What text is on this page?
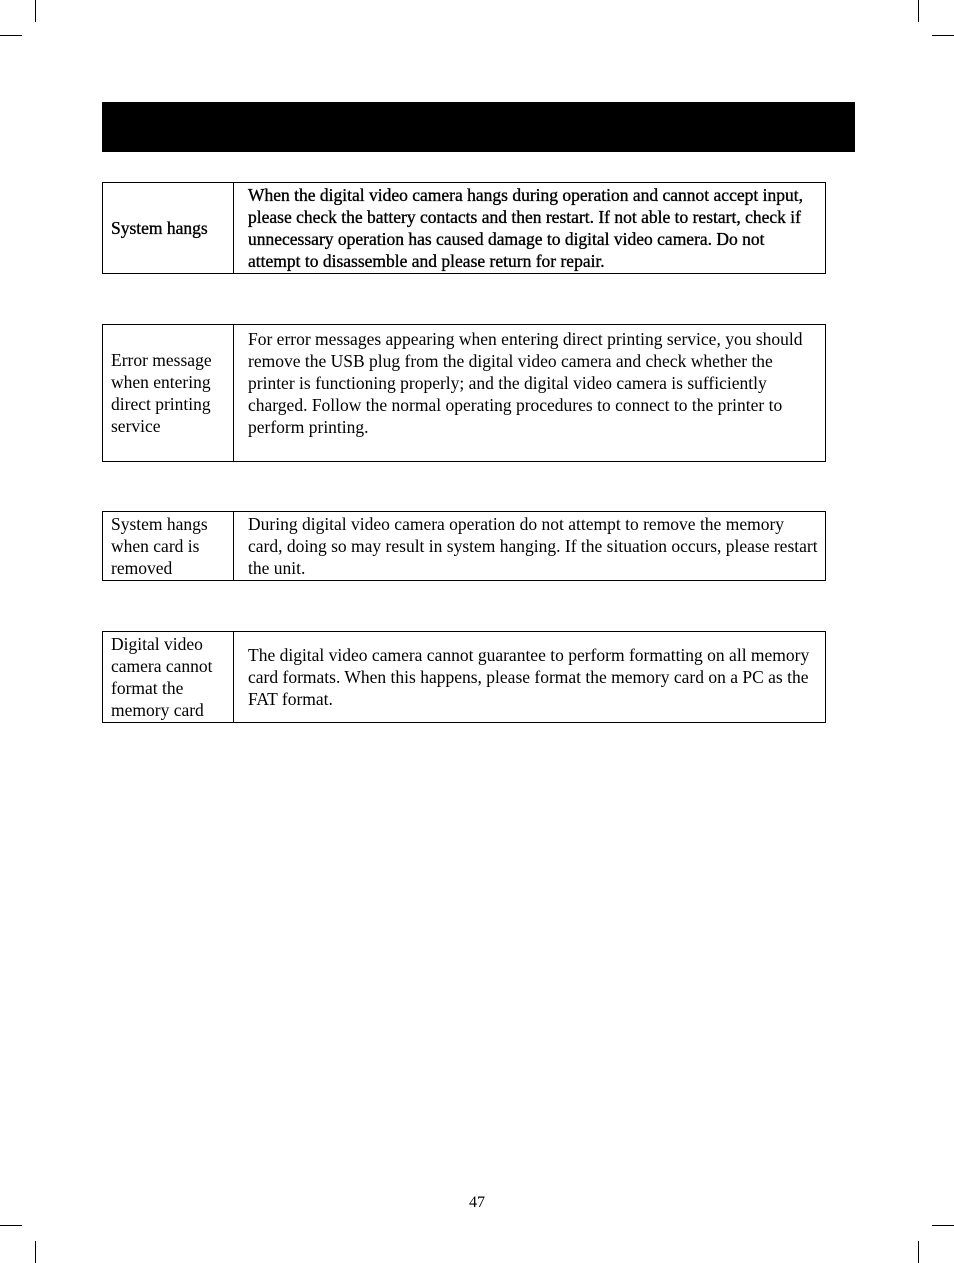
System hangs	When the digital video camera hangs during operation and cannot accept input, please check the battery contacts and then restart. If not able to restart, check if unnecessary operation has caused damage to digital video camera. Do not attempt to disassemble and please return for repair.
Error message when entering direct printing service	For error messages appearing when entering direct printing service, you should remove the USB plug from the digital video camera and check whether the printer is functioning properly; and the digital video camera is sufficiently charged. Follow the normal operating procedures to connect to the printer to perform printing.
System hangs when card is removed	During digital video camera operation do not attempt to remove the memory card, doing so may result in system hanging. If the situation occurs, please restart the unit.
Digital video camera cannot format the memory card	The digital video camera cannot guarantee to perform formatting on all memory card formats. When this happens, please format the memory card on a PC as the FAT format.
47
